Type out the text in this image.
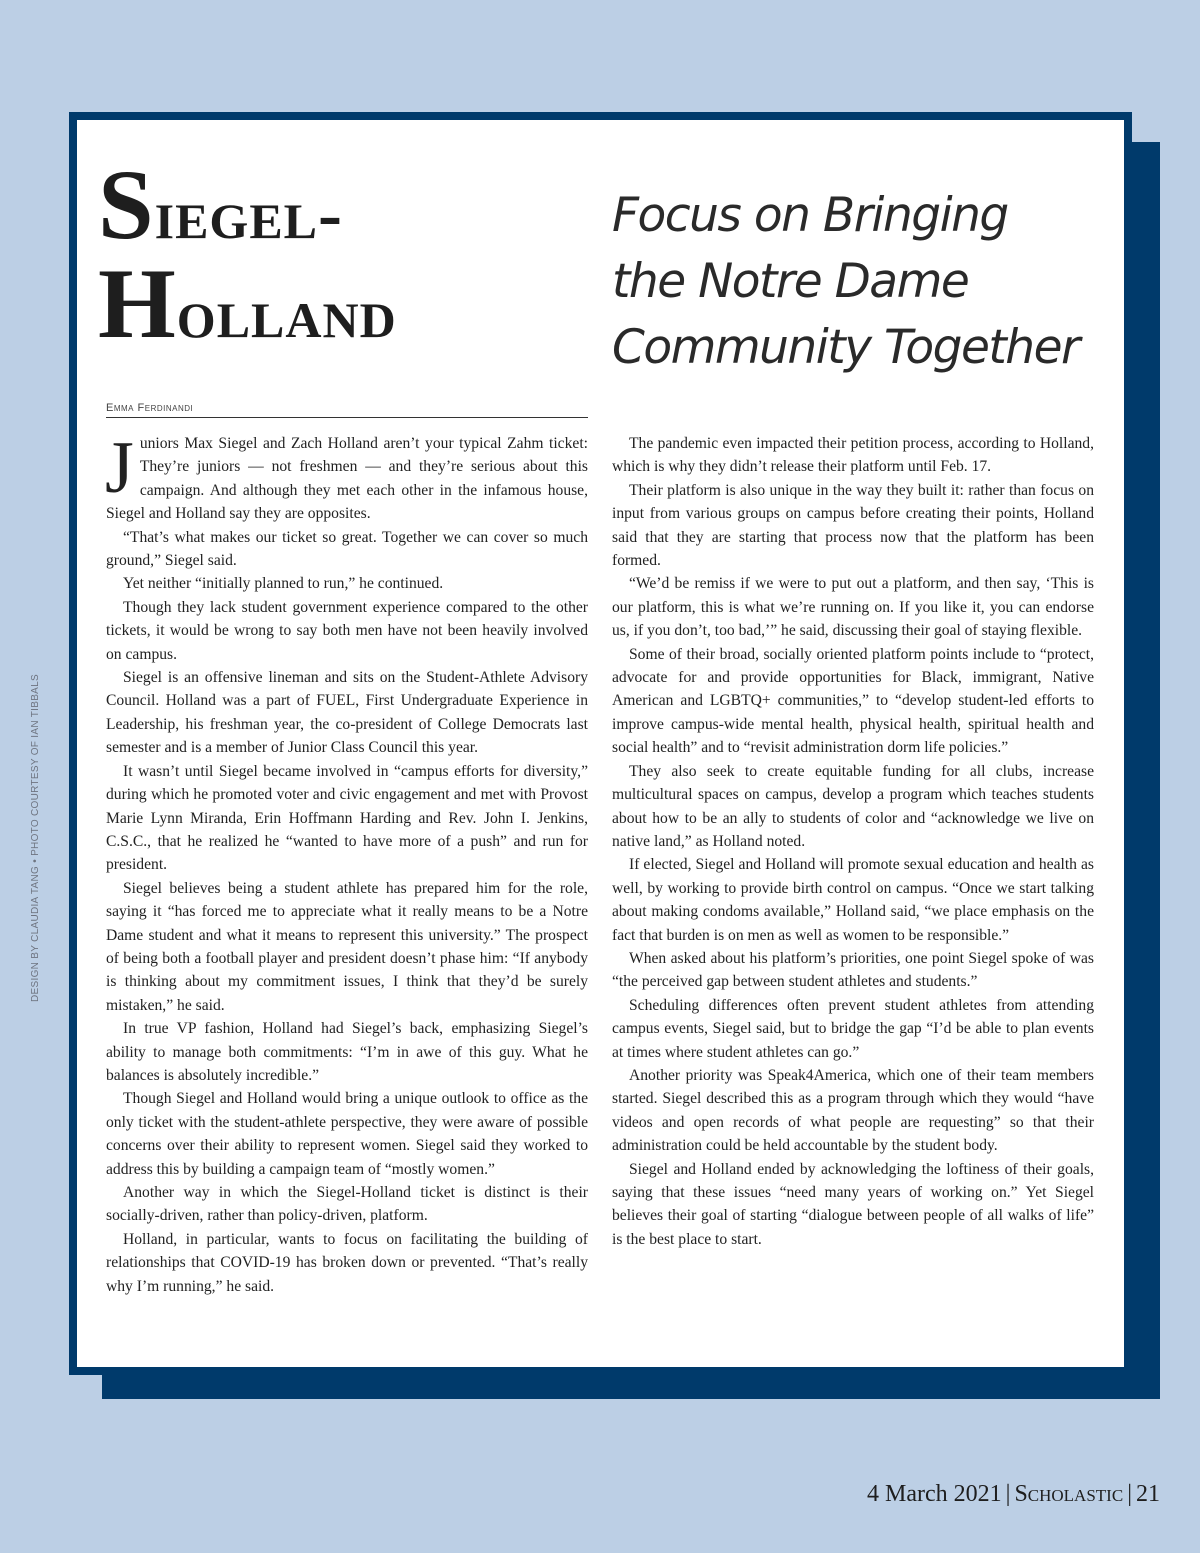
DESIGN BY CLAUDIA TANG • PHOTO COURTESY OF IAN TIBBALS
Siegel-
Holland
Focus on Bringing
the Notre Dame
Community Together
Emma Ferdinandi

Juniors Max Siegel and Zach Holland aren’t your typical Zahm ticket: They’re juniors — not freshmen — and they’re serious about this campaign. And although they met each other in the infamous house, Siegel and Holland say they are opposites.

“That’s what makes our ticket so great. Together we can cover so much ground,” Siegel said.

Yet neither “initially planned to run,” he continued.

Though they lack student government experience compared to the other tickets, it would be wrong to say both men have not been heavily involved on campus.

Siegel is an offensive lineman and sits on the Student-Athlete Advisory Council. Holland was a part of FUEL, First Undergraduate Experience in Leadership, his freshman year, the co-president of College Democrats last semester and is a member of Junior Class Council this year.

It wasn’t until Siegel became involved in “campus efforts for diversity,” during which he promoted voter and civic engagement and met with Provost Marie Lynn Miranda, Erin Hoffmann Harding and Rev. John I. Jenkins, C.S.C., that he realized he “wanted to have more of a push” and run for president.

Siegel believes being a student athlete has prepared him for the role, saying it “has forced me to appreciate what it really means to be a Notre Dame student and what it means to represent this university.” The prospect of being both a football player and president doesn’t phase him: “If anybody is thinking about my commitment issues, I think that they’d be surely mistaken,” he said.

In true VP fashion, Holland had Siegel’s back, emphasizing Siegel’s ability to manage both commitments: “I’m in awe of this guy. What he balances is absolutely incredible.”

Though Siegel and Holland would bring a unique outlook to office as the only ticket with the student-athlete perspective, they were aware of possible concerns over their ability to represent women. Siegel said they worked to address this by building a campaign team of “mostly women.”

Another way in which the Siegel-Holland ticket is distinct is their socially-driven, rather than policy-driven, platform.

Holland, in particular, wants to focus on facilitating the building of relationships that COVID-19 has broken down or prevented. “That’s really why I’m running,” he said.

The pandemic even impacted their petition process, according to Holland, which is why they didn’t release their platform until Feb. 17.

Their platform is also unique in the way they built it: rather than focus on input from various groups on campus before creating their points, Holland said that they are starting that process now that the platform has been formed.

“We’d be remiss if we were to put out a platform, and then say, ‘This is our platform, this is what we’re running on. If you like it, you can endorse us, if you don’t, too bad,’” he said, discussing their goal of staying flexible.

Some of their broad, socially oriented platform points include to “protect, advocate for and provide opportunities for Black, immigrant, Native American and LGBTQ+ communities,” to “develop student-led efforts to improve campus-wide mental health, physical health, spiritual health and social health” and to “revisit administration dorm life policies.”

They also seek to create equitable funding for all clubs, increase multicultural spaces on campus, develop a program which teaches students about how to be an ally to students of color and “acknowledge we live on native land,” as Holland noted.

If elected, Siegel and Holland will promote sexual education and health as well, by working to provide birth control on campus. “Once we start talking about making condoms available,” Holland said, “we place emphasis on the fact that burden is on men as well as women to be responsible.”

When asked about his platform’s priorities, one point Siegel spoke of was “the perceived gap between student athletes and students.”

Scheduling differences often prevent student athletes from attending campus events, Siegel said, but to bridge the gap “I’d be able to plan events at times where student athletes can go.”

Another priority was Speak4America, which one of their team members started. Siegel described this as a program through which they would “have videos and open records of what people are requesting” so that their administration could be held accountable by the student body.

Siegel and Holland ended by acknowledging the loftiness of their goals, saying that these issues “need many years of working on.” Yet Siegel believes their goal of starting “dialogue between people of all walks of life” is the best place to start.

4 March 2021 | Scholastic | 21
